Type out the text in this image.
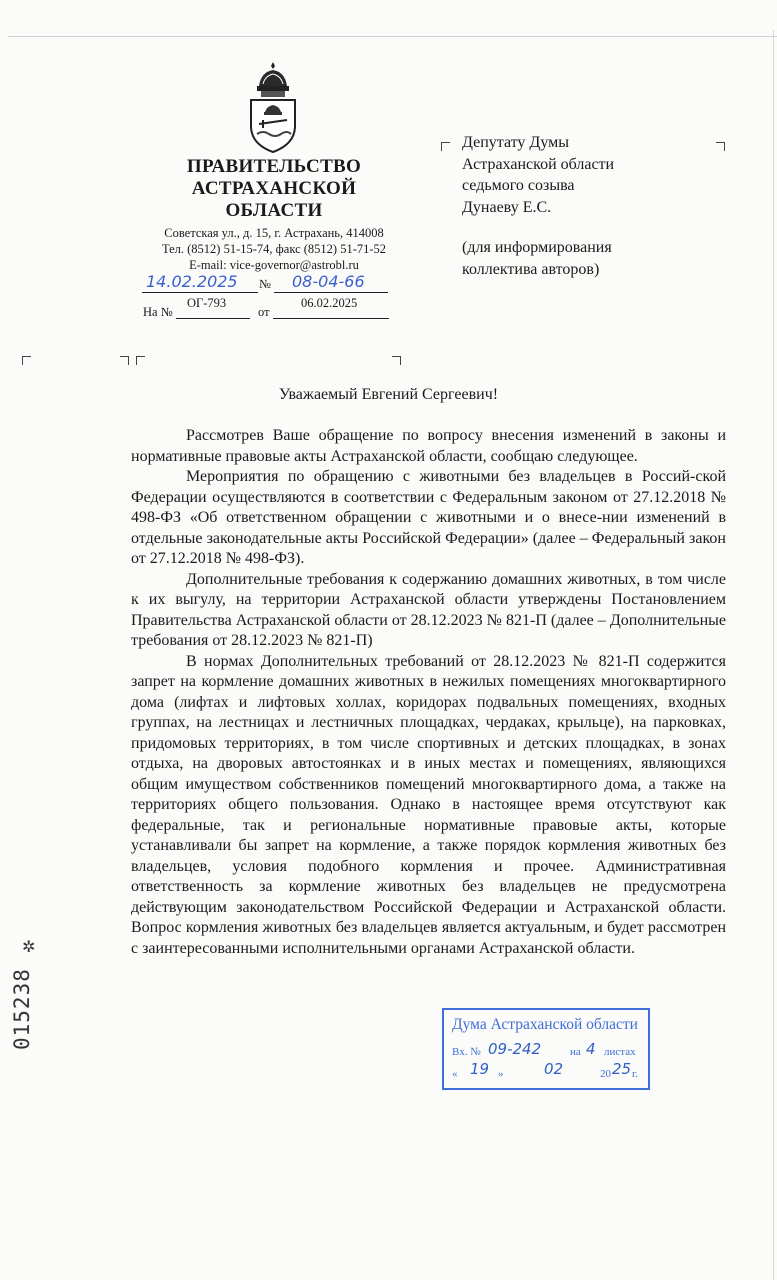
ПРАВИТЕЛЬСТВО
АСТРАХАНСКОЙ
ОБЛАСТИ
Советская ул., д. 15, г. Астрахань, 414008
Тел. (8512) 51-15-74, факс (8512) 51-71-52
E-mail: vice-governor@astrobl.ru
14.02.2025	№ 08-04-66
ОГ-793	06.02.2025
На №	от
Депутату Думы
Астраханской области
седьмого созыва
Дунаеву Е.С.
(для информирования
коллектива авторов)
Уважаемый Евгений Сергеевич!

Рассмотрев Ваше обращение по вопросу внесения изменений в законы и нормативные правовые акты Астраханской области, сообщаю следующее.

Мероприятия по обращению с животными без владельцев в Россий-ской Федерации осуществляются в соответствии с Федеральным законом от 27.12.2018 № 498-ФЗ «Об ответственном обращении с животными и о внесе-нии изменений в отдельные законодательные акты Российской Федерации» (далее – Федеральный закон от 27.12.2018 № 498-ФЗ).

Дополнительные требования к содержанию домашних животных, в том числе к их выгулу, на территории Астраханской области утверждены Постановлением Правительства Астраханской области от 28.12.2023 № 821-П (далее – Дополнительные требования от 28.12.2023 № 821-П)

В нормах Дополнительных требований от 28.12.2023 № 821-П содержится запрет на кормление домашних животных в нежилых помещениях многоквартирного дома (лифтах и лифтовых холлах, коридорах подвальных помещениях, входных группах, на лестницах и лестничных площадках, чердаках, крыльце), на парковках, придомовых территориях, в том числе спортивных и детских площадках, в зонах отдыха, на дворовых автостоянках и в иных местах и помещениях, являющихся общим имуществом собственников помещений многоквартирного дома, а также на территориях общего пользования. Однако в настоящее время отсутствуют как федеральные, так и региональные нормативные правовые акты, которые устанавливали бы запрет на кормление, а также порядок кормления животных без владельцев, условия подобного кормления и прочее. Административная ответственность за кормление животных без владельцев не предусмотрена действующим законодательством Российской Федерации и Астраханской области. Вопрос кормления животных без владельцев является актуальным, и будет рассмотрен с заинтересованными исполнительными органами Астраханской области.

Дума Астраханской области
Вх. № 09-242	на 4 листах
« 19 »	02	20 25 г.
✲
015238
